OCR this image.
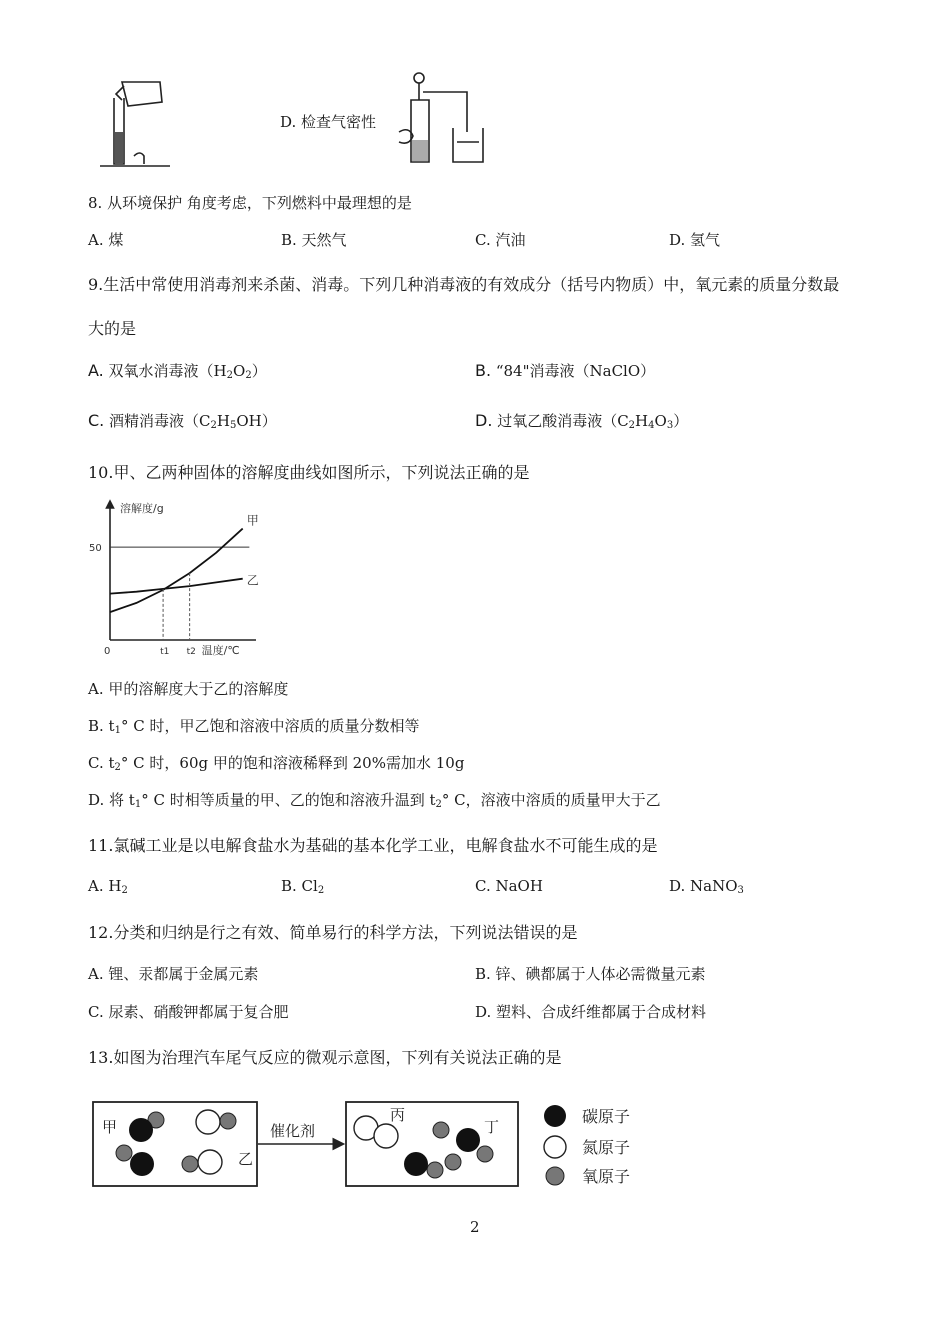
D. 检查气密性
8. 从环境保护 角度考虑，下列燃料中最理想的是
A. 煤	B. 天然气	C. 汽油	D. 氢气
9.生活中常使用消毒剂来杀菌、消毒。下列几种消毒液的有效成分（括号内物质）中，氧元素的质量分数最
大的是
A. 双氧水消毒液$(H_2O_2)$	B. “84"消毒液（NaClO）
C. 酒精消毒液$(C_2H_5OH)$	D. 过氧乙酸消毒液$(C_2H_4O_3)$
10.甲、乙两种固体的溶解度曲线如图所示，下列说法正确的是
甲
乙
50
0	t1 t2
溶解度/g
温度/℃
A. 甲的溶解度大于乙的溶解度
B. $t_1^\circ$ C 时，甲乙饱和溶液中溶质的质量分数相等
C. $t_2^\circ$ C 时，60g 甲的饱和溶液稀释到 20%需加水 10g
D. 将 $t_1^\circ$ C 时相等质量的甲、乙的饱和溶液升温到 $t_2^\circ$ C，溶液中溶质的质量甲大于乙
11.氯碱工业是以电解食盐水为基础的基本化学工业，电解食盐水不可能生成的是
A. $H_2$	B. $Cl_2$	C. NaOH	D. NaNO$_3$
12.分类和归纳是行之有效、简单易行的科学方法，下列说法错误的是
A. 锂、汞都属于金属元素	B. 锌、碘都属于人体必需微量元素
C. 尿素、硝酸钾都属于复合肥	D. 塑料、合成纤维都属于合成材料
13.如图为治理汽车尾气反应的微观示意图，下列有关说法正确的是
甲
乙
催化剂
丙
丁
碳原子
氮原子
氧原子
2
